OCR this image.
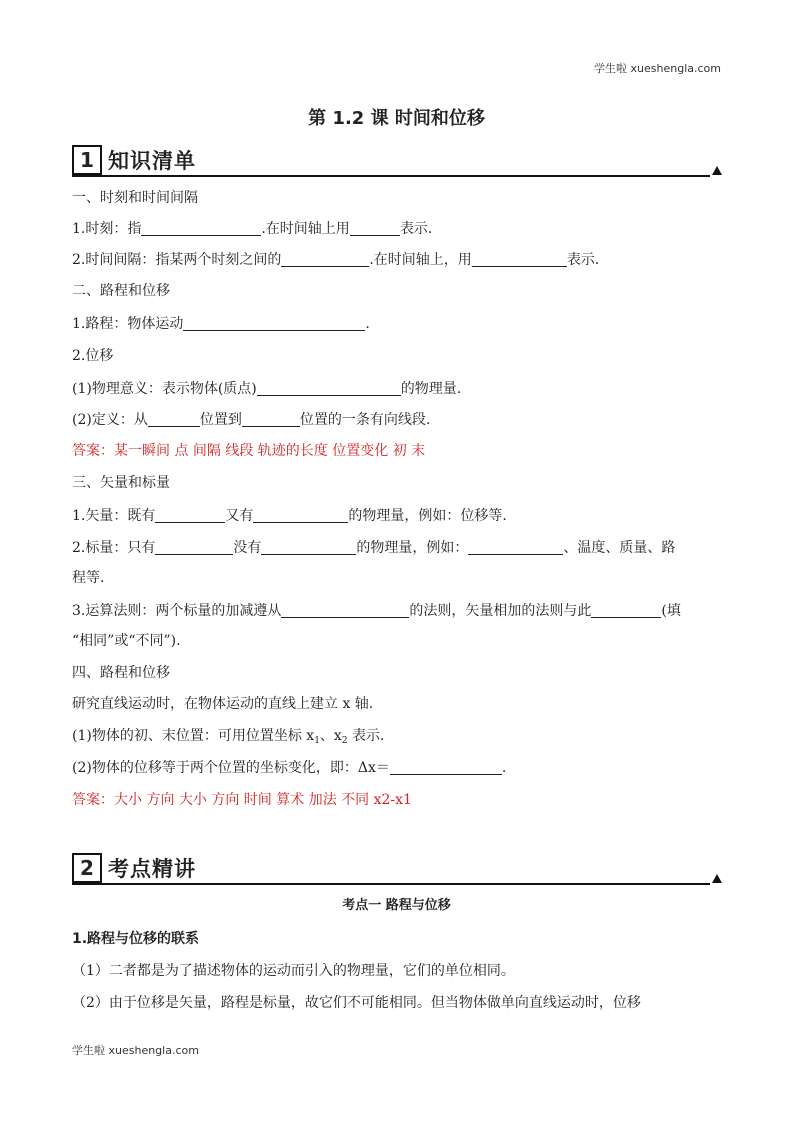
学生啦 xueshengla.com
第 1.2 课 时间和位移
1 知识清单
一、时刻和时间间隔
1.时刻：指	.在时间轴上用	表示.
2.时间间隔：指某两个时刻之间的	.在时间轴上，用	表示.
二、路程和位移
1.路程：物体运动	.
2.位移
(1)物理意义：表示物体(质点)	的物理量.
(2)定义：从	位置到	位置的一条有向线段.
答案：某一瞬间 点 间隔 线段 轨迹的长度 位置变化 初 末
三、矢量和标量
1.矢量：既有	又有	的物理量，例如：位移等.
2.标量：只有	没有	的物理量，例如：	、温度、质量、路
程等.
3.运算法则：两个标量的加减遵从	的法则，矢量相加的法则与此	(填
“相同”或“不同”).
四、路程和位移
研究直线运动时，在物体运动的直线上建立 x 轴.
(1)物体的初、末位置：可用位置坐标 $x_1$、$x_2$ 表示.
(2)物体的位移等于两个位置的坐标变化，即：Δx＝	.
答案：大小 方向 大小 方向 时间 算术 加法 不同 x2-x1
2 考点精讲
考点一 路程与位移
1.路程与位移的联系
（1）二者都是为了描述物体的运动而引入的物理量，它们的单位相同。
（2）由于位移是矢量，路程是标量，故它们不可能相同。但当物体做单向直线运动时，位移
学生啦 xueshengla.com
